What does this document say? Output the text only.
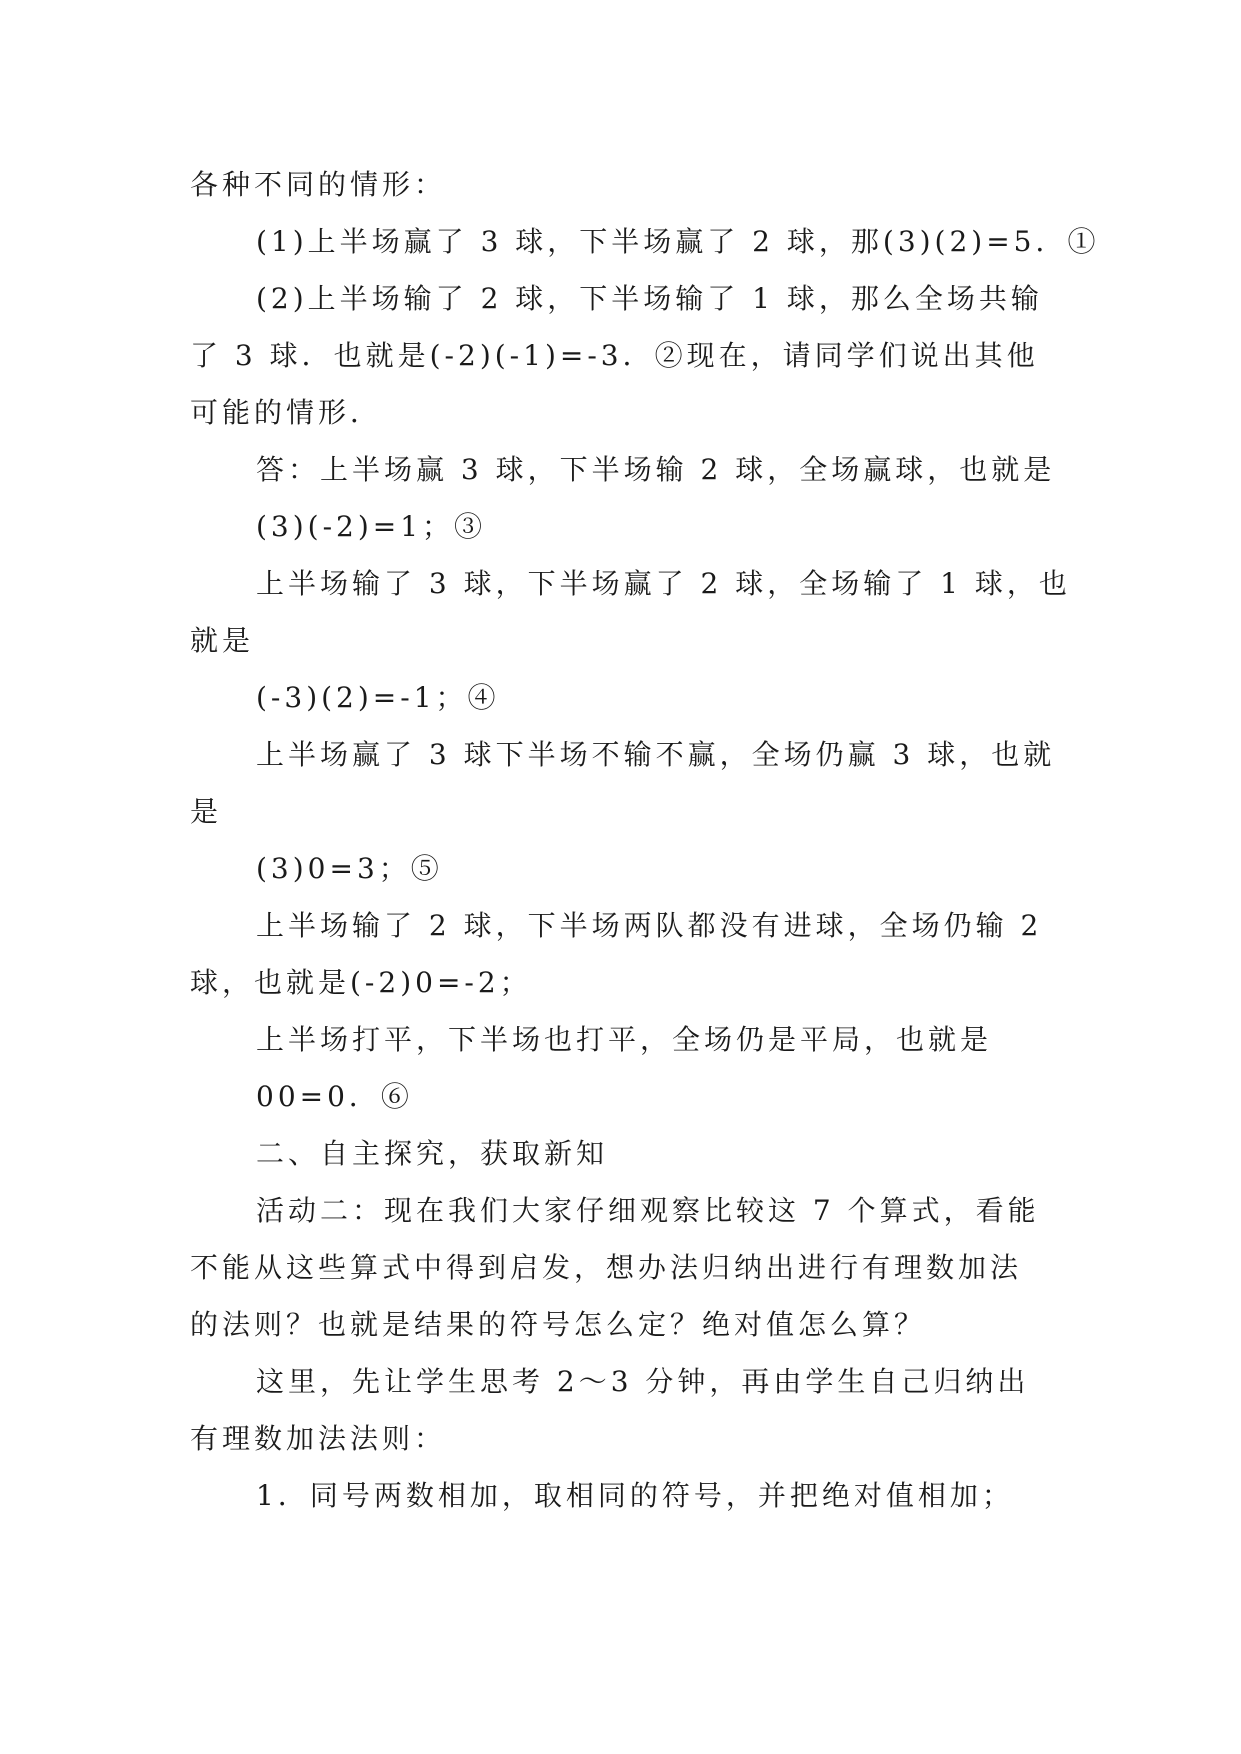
各种不同的情形：
(1)上半场赢了 3 球，下半场赢了 2 球，那(3)(2)=5．①
(2)上半场输了 2 球，下半场输了 1 球，那么全场共输
了 3 球．也就是(-2)(-1)=-3．②现在，请同学们说出其他
可能的情形．
答：上半场赢 3 球，下半场输 2 球，全场赢球，也就是
(3)(-2)=1；③
上半场输了 3 球，下半场赢了 2 球，全场输了 1 球，也
就是
(-3)(2)=-1；④
上半场赢了 3 球下半场不输不赢，全场仍赢 3 球，也就
是
(3)0=3；⑤
上半场输了 2 球，下半场两队都没有进球，全场仍输 2
球，也就是(-2)0=-2；
上半场打平，下半场也打平，全场仍是平局，也就是
00=0．⑥
二、自主探究，获取新知
活动二：现在我们大家仔细观察比较这 7 个算式，看能
不能从这些算式中得到启发，想办法归纳出进行有理数加法
的法则？也就是结果的符号怎么定？绝对值怎么算？
这里，先让学生思考 2～3 分钟，再由学生自己归纳出
有理数加法法则：
1．同号两数相加，取相同的符号，并把绝对值相加；
